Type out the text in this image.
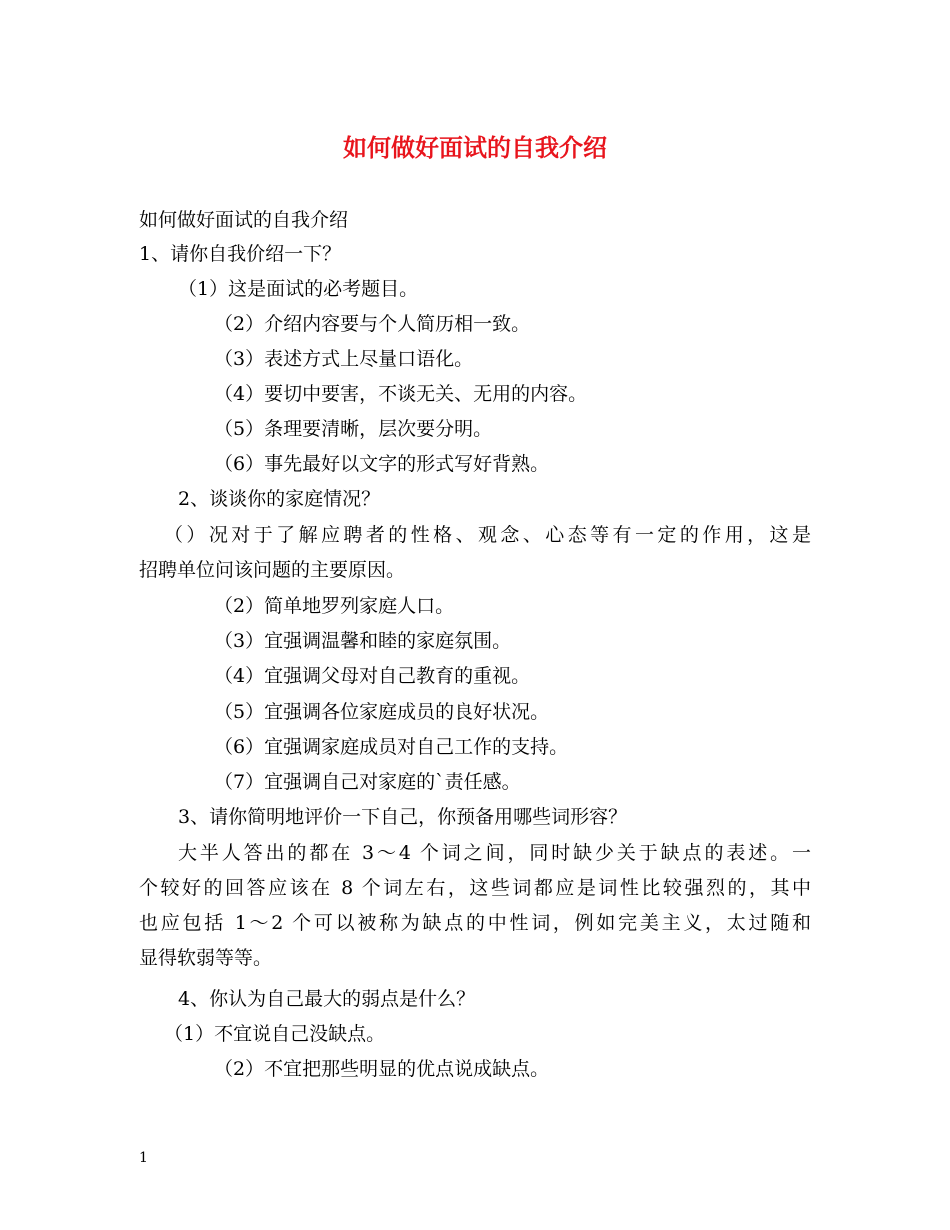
如何做好面试的自我介绍
如何做好面试的自我介绍
1、请你自我价绍一下？
（1）这是面试的必考题目。
（2）介绍内容要与个人简历相一致。
（3）表述方式上尽量口语化。
（4）要切中要害，不谈无关、无用的内容。
（5）条理要清晰，层次要分明。
（6）事先最好以文字的形式写好背熟。
2、谈谈你的家庭情况？
（）况对于了解应聘者的性格、观念、心态等有一定的作用，这是
招聘单位问该问题的主要原因。
（2）简单地罗列家庭人口。
（3）宜强调温馨和睦的家庭氛围。
（4）宜强调父母对自己教育的重视。
（5）宜强调各位家庭成员的良好状况。
（6）宜强调家庭成员对自己工作的支持。
（7）宜强调自己对家庭的`责任感。
3、请你简明地评价一下自己，你预备用哪些词形容？
大半人答出的都在 3～4 个词之间，同时缺少关于缺点的表述。一
个较好的回答应该在 8 个词左右，这些词都应是词性比较强烈的，其中
也应包括 1～2 个可以被称为缺点的中性词，例如完美主义，太过随和
显得软弱等等。
4、你认为自己最大的弱点是什么？
（1）不宜说自己没缺点。
（2）不宜把那些明显的优点说成缺点。
1
